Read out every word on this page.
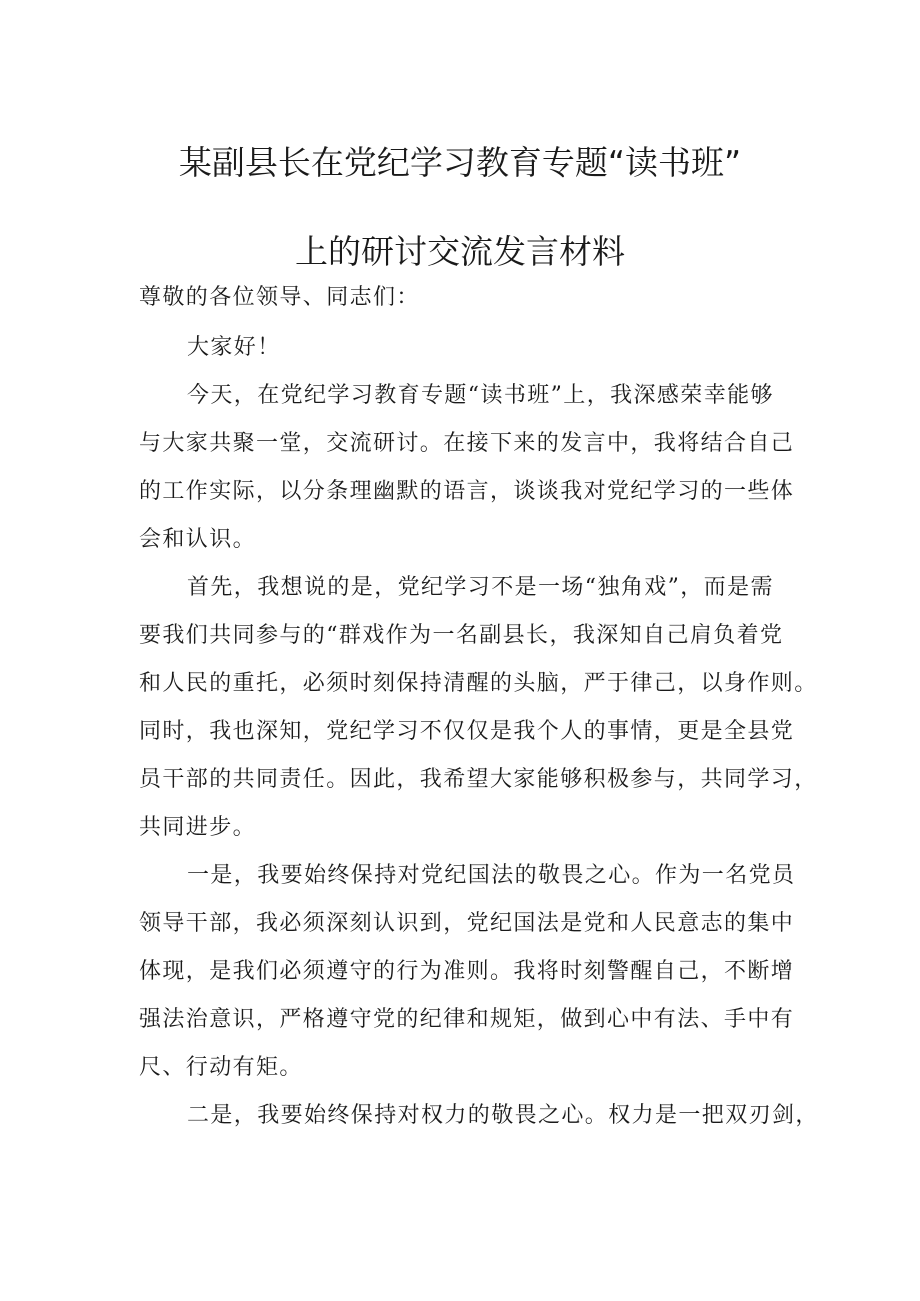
某副县长在党纪学习教育专题“读书班”
上的研讨交流发言材料
尊敬的各位领导、同志们：
大家好！
今天，在党纪学习教育专题“读书班”上，我深感荣幸能够
与大家共聚一堂，交流研讨。在接下来的发言中，我将结合自己
的工作实际，以分条理幽默的语言，谈谈我对党纪学习的一些体
会和认识。
首先，我想说的是，党纪学习不是一场“独角戏”，而是需
要我们共同参与的“群戏作为一名副县长，我深知自己肩负着党
和人民的重托，必须时刻保持清醒的头脑，严于律己，以身作则。
同时，我也深知，党纪学习不仅仅是我个人的事情，更是全县党
员干部的共同责任。因此，我希望大家能够积极参与，共同学习，
共同进步。
一是，我要始终保持对党纪国法的敬畏之心。作为一名党员
领导干部，我必须深刻认识到，党纪国法是党和人民意志的集中
体现，是我们必须遵守的行为准则。我将时刻警醒自己，不断增
强法治意识，严格遵守党的纪律和规矩，做到心中有法、手中有
尺、行动有矩。
二是，我要始终保持对权力的敬畏之心。权力是一把双刃剑，
